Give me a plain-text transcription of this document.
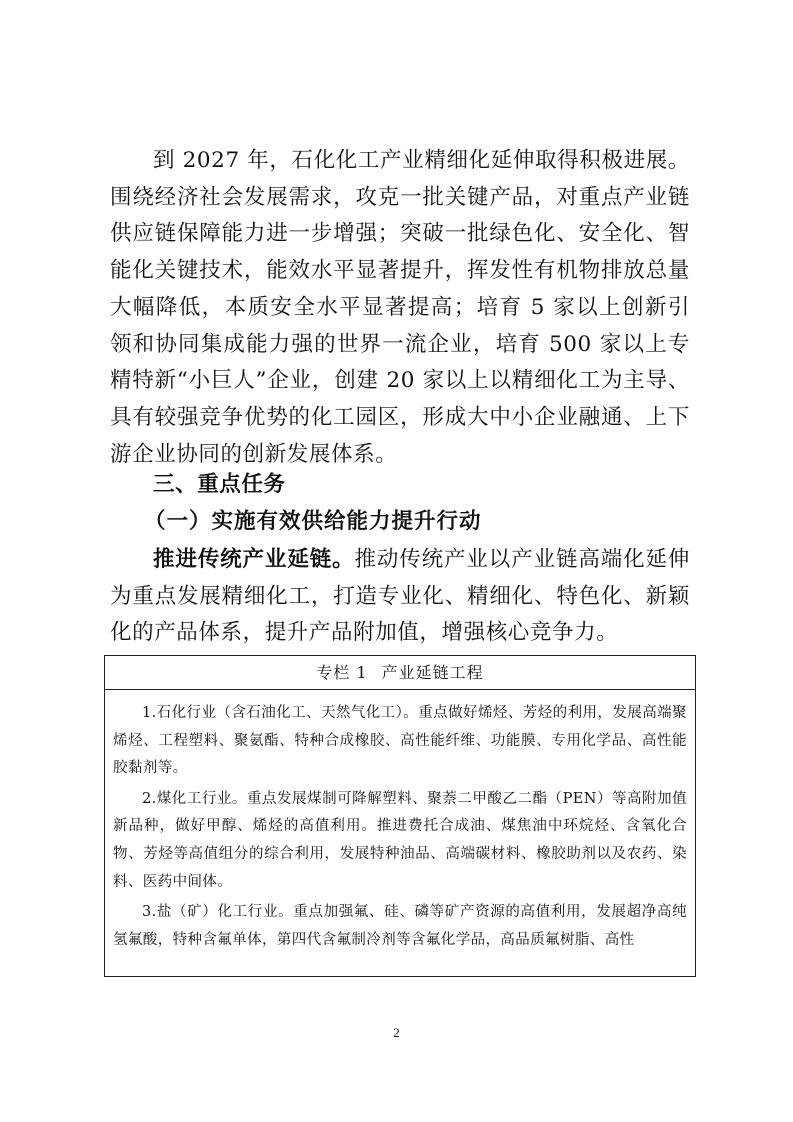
到 2027 年，石化化工产业精细化延伸取得积极进展。围绕经济社会发展需求，攻克一批关键产品，对重点产业链供应链保障能力进一步增强；突破一批绿色化、安全化、智能化关键技术，能效水平显著提升，挥发性有机物排放总量大幅降低，本质安全水平显著提高；培育 5 家以上创新引领和协同集成能力强的世界一流企业，培育 500 家以上专精特新“小巨人”企业，创建 20 家以上以精细化工为主导、具有较强竞争优势的化工园区，形成大中小企业融通、上下游企业协同的创新发展体系。

三、重点任务
（一）实施有效供给能力提升行动

推进传统产业延链。推动传统产业以产业链高端化延伸为重点发展精细化工，打造专业化、精细化、特色化、新颖化的产品体系，提升产品附加值，增强核心竞争力。

专栏 1 产业延链工程

1.石化行业（含石油化工、天然气化工）。重点做好烯烃、芳烃的利用，发展高端聚烯烃、工程塑料、聚氨酯、特种合成橡胶、高性能纤维、功能膜、专用化学品、高性能胶黏剂等。

2.煤化工行业。重点发展煤制可降解塑料、聚萘二甲酸乙二酯（PEN）等高附加值新品种，做好甲醇、烯烃的高值利用。推进费托合成油、煤焦油中环烷烃、含氧化合物、芳烃等高值组分的综合利用，发展特种油品、高端碳材料、橡胶助剂以及农药、染料、医药中间体。

3.盐（矿）化工行业。重点加强氟、硅、磷等矿产资源的高值利用，发展超净高纯氢氟酸，特种含氟单体，第四代含氟制冷剂等含氟化学品，高品质氟树脂、高性

2
